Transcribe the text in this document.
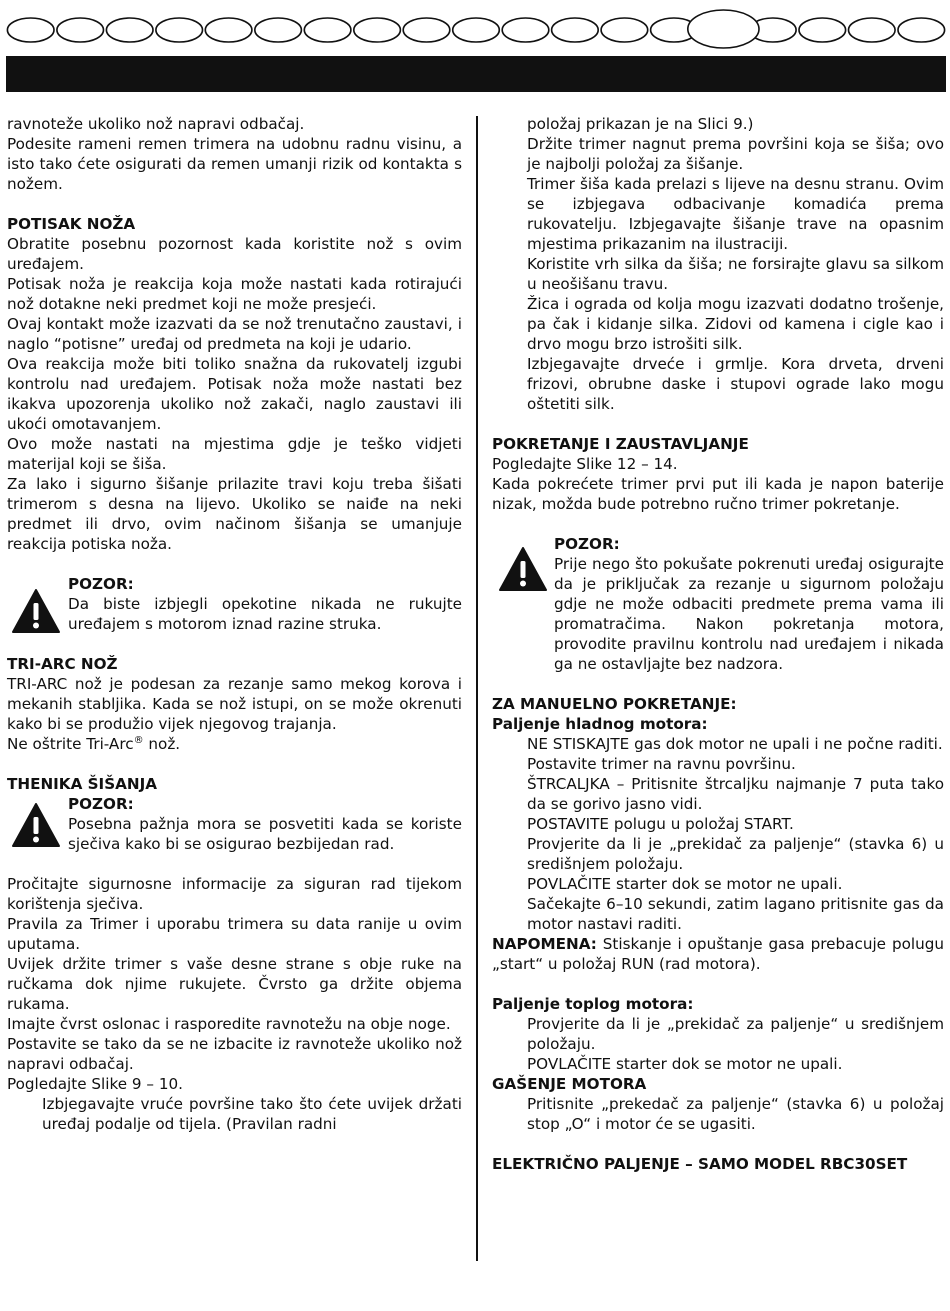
ravnoteže ukoliko nož napravi odbačaj.

Podesite rameni remen trimera na udobnu radnu visinu, a isto tako ćete osigurati da remen umanji rizik od kontakta s nožem.

POTISAK NOŽA

Obratite posebnu pozornost kada koristite nož s ovim uređajem.

Potisak noža je reakcija koja može nastati kada rotirajući nož dotakne neki predmet koji ne može presjeći.

Ovaj kontakt može izazvati da se nož trenutačno zaustavi, i naglo “potisne” uređaj od predmeta na koji je udario.

Ova reakcija može biti toliko snažna da rukovatelj izgubi kontrolu nad uređajem. Potisak noža može nastati bez ikakva upozorenja ukoliko nož zakači, naglo zaustavi ili ukoći omotavanjem.

Ovo može nastati na mjestima gdje je teško vidjeti materijal koji se šiša.

Za lako i sigurno šišanje prilazite travi koju treba šišati trimerom s desna na lijevo. Ukoliko se naiđe na neki predmet ili drvo, ovim načinom šišanja se umanjuje reakcija potiska noža.

POZOR:

Da biste izbjegli opekotine nikada ne rukujte uređajem s motorom iznad razine struka.

TRI-ARC NOŽ

TRI-ARC nož je podesan za rezanje samo mekog korova i mekanih stabljika. Kada se nož istupi, on se može okrenuti kako bi se produžio vijek njegovog trajanja.

Ne oštrite Tri-Arc® nož.

THENIKA ŠIŠANJA
POZOR:

Posebna pažnja mora se posvetiti kada se koriste sječiva kako bi se osigurao bezbijedan rad.

Pročitajte sigurnosne informacije za siguran rad tijekom korištenja sječiva.

Pravila za Trimer i uporabu trimera su data ranije u ovim uputama.

Uvijek držite trimer s vaše desne strane s obje ruke na ručkama dok njime rukujete. Čvrsto ga držite objema rukama.

Imajte čvrst oslonac i rasporedite ravnotežu na obje noge.

Postavite se tako da se ne izbacite iz ravnoteže ukoliko nož napravi odbačaj.

Pogledajte Slike 9 – 10.

Izbjegavajte vruće površine tako što ćete uvijek držati uređaj podalje od tijela. (Pravilan radni

položaj prikazan je na Slici 9.)

Držite trimer nagnut prema površini koja se šiša; ovo je najbolji položaj za šišanje.

Trimer šiša kada prelazi s lijeve na desnu stranu. Ovim se izbjegava odbacivanje komadića prema rukovatelju. Izbjegavajte šišanje trave na opasnim mjestima prikazanim na ilustraciji.

Koristite vrh silka da šiša; ne forsirajte glavu sa silkom u neošišanu travu.

Žica i ograda od kolja mogu izazvati dodatno trošenje, pa čak i kidanje silka. Zidovi od kamena i cigle kao i drvo mogu brzo istrošiti silk.

Izbjegavajte drveće i grmlje. Kora drveta, drveni frizovi, obrubne daske i stupovi ograde lako mogu oštetiti silk.

POKRETANJE I ZAUSTAVLJANJE

Pogledajte Slike 12 – 14.

Kada pokrećete trimer prvi put ili kada je napon baterije nizak, možda bude potrebno ručno trimer pokretanje.

POZOR:

Prije nego što pokušate pokrenuti uređaj osigurajte da je priključak za rezanje u sigurnom položaju gdje ne može odbaciti predmete prema vama ili promatračima. Nakon pokretanja motora, provodite pravilnu kontrolu nad uređajem i nikada ga ne ostavljajte bez nadzora.

ZA MANUELNO POKRETANJE:
Paljenje hladnog motora:

NE STISKAJTE gas dok motor ne upali i ne počne raditi.

Postavite trimer na ravnu površinu.

ŠTRCALJKA – Pritisnite štrcaljku najmanje 7 puta tako da se gorivo jasno vidi.

POSTAVITE polugu u položaj START.

Provjerite da li je „prekidač za paljenje“ (stavka 6) u središnjem položaju.

POVLAČITE starter dok se motor ne upali.

Sačekajte 6–10 sekundi, zatim lagano pritisnite gas da motor nastavi raditi.

NAPOMENA: Stiskanje i opuštanje gasa prebacuje polugu „start“ u položaj RUN (rad motora).

Paljenje toplog motora:

Provjerite da li je „prekidač za paljenje“ u središnjem položaju.

POVLAČITE starter dok se motor ne upali.

GAŠENJE MOTORA

Pritisnite „prekedač za paljenje“ (stavka 6) u položaj stop „O“ i motor će se ugasiti.

ELEKTRIČNO PALJENJE – SAMO MODEL RBC30SET
